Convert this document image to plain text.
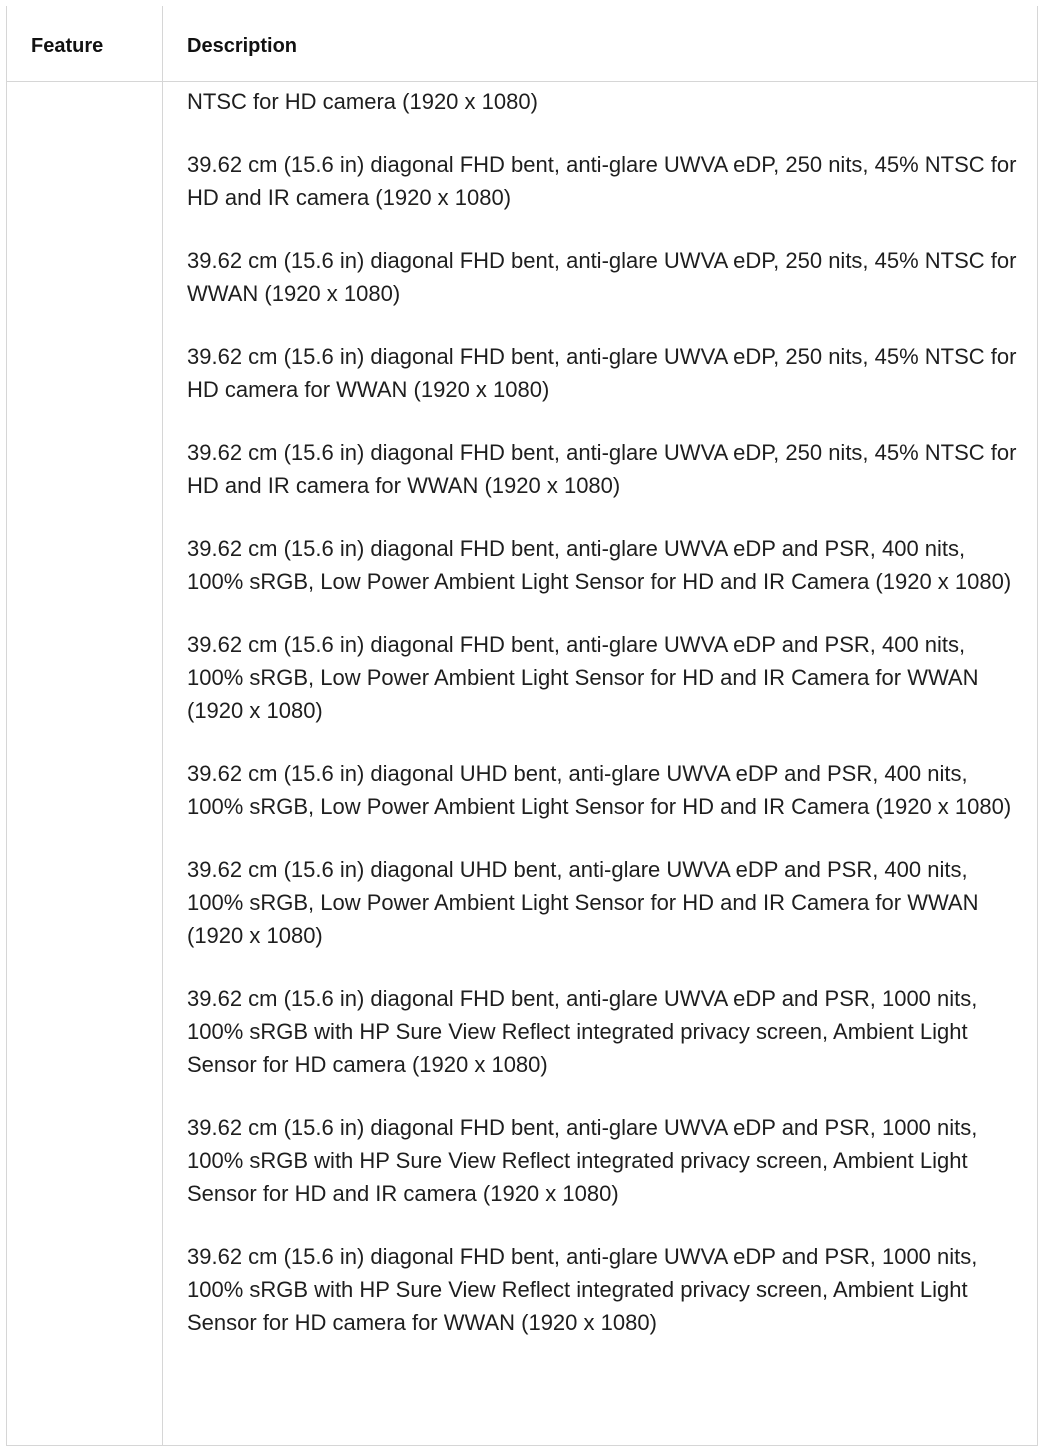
Feature	Description

NTSC for HD camera (1920 x 1080)

39.62 cm (15.6 in) diagonal FHD bent, anti-glare UWVA eDP, 250 nits, 45% NTSC for HD and IR camera (1920 x 1080)

39.62 cm (15.6 in) diagonal FHD bent, anti-glare UWVA eDP, 250 nits, 45% NTSC for WWAN (1920 x 1080)

39.62 cm (15.6 in) diagonal FHD bent, anti-glare UWVA eDP, 250 nits, 45% NTSC for HD camera for WWAN (1920 x 1080)

39.62 cm (15.6 in) diagonal FHD bent, anti-glare UWVA eDP, 250 nits, 45% NTSC for HD and IR camera for WWAN (1920 x 1080)

39.62 cm (15.6 in) diagonal FHD bent, anti-glare UWVA eDP and PSR, 400 nits, 100% sRGB, Low Power Ambient Light Sensor for HD and IR Camera (1920 x 1080)

39.62 cm (15.6 in) diagonal FHD bent, anti-glare UWVA eDP and PSR, 400 nits, 100% sRGB, Low Power Ambient Light Sensor for HD and IR Camera for WWAN (1920 x 1080)

39.62 cm (15.6 in) diagonal UHD bent, anti-glare UWVA eDP and PSR, 400 nits, 100% sRGB, Low Power Ambient Light Sensor for HD and IR Camera (1920 x 1080)

39.62 cm (15.6 in) diagonal UHD bent, anti-glare UWVA eDP and PSR, 400 nits, 100% sRGB, Low Power Ambient Light Sensor for HD and IR Camera for WWAN (1920 x 1080)

39.62 cm (15.6 in) diagonal FHD bent, anti-glare UWVA eDP and PSR, 1000 nits, 100% sRGB with HP Sure View Reflect integrated privacy screen, Ambient Light Sensor for HD camera (1920 x 1080)

39.62 cm (15.6 in) diagonal FHD bent, anti-glare UWVA eDP and PSR, 1000 nits, 100% sRGB with HP Sure View Reflect integrated privacy screen, Ambient Light Sensor for HD and IR camera (1920 x 1080)

39.62 cm (15.6 in) diagonal FHD bent, anti-glare UWVA eDP and PSR, 1000 nits, 100% sRGB with HP Sure View Reflect integrated privacy screen, Ambient Light Sensor for HD camera for WWAN (1920 x 1080)
